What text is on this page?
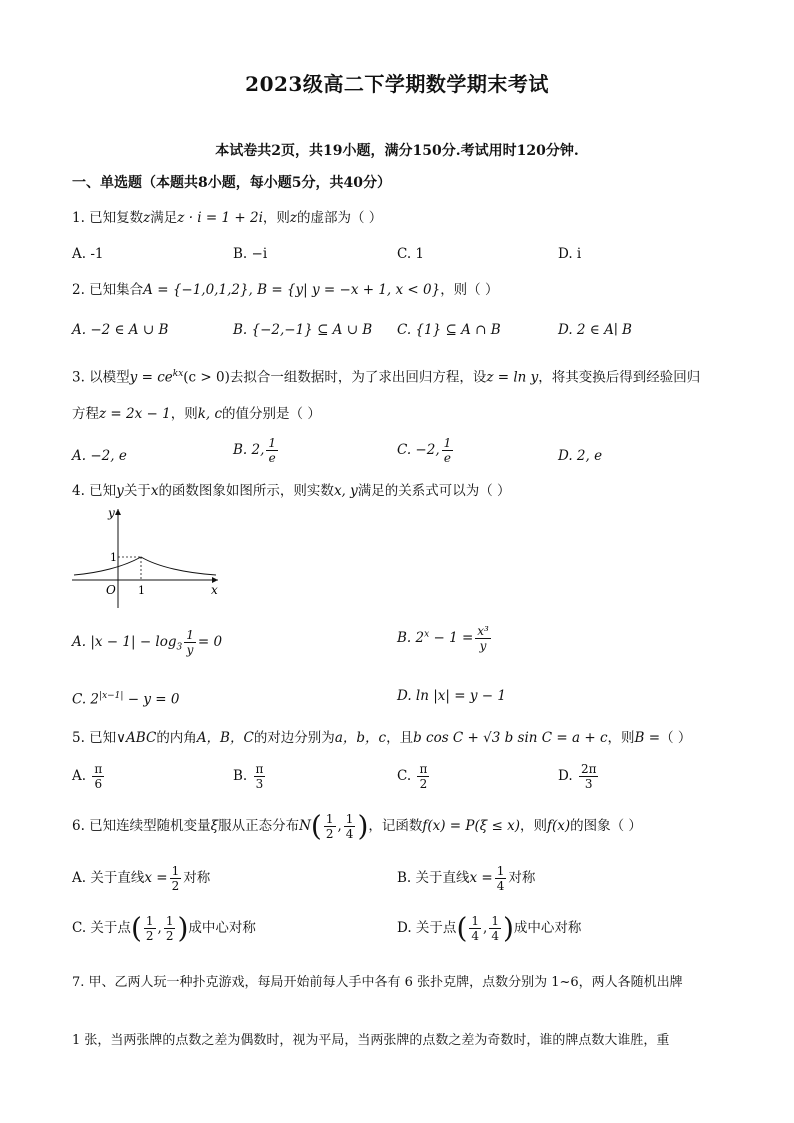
2023级高二下学期数学期末考试
本试卷共2页，共19小题，满分150分.考试用时120分钟.
一、单选题（本题共8小题，每小题5分，共40分）
1. 已知复数z满足z · i = 1 + 2i，则z的虚部为（ ）
A. -1	B. −i	C. 1	D. i
2. 已知集合A = {−1,0,1,2}, B = {y| y = −x + 1, x < 0}，则（ ）
A. −2 ∈ A ∪ B	B. {−2,−1} ⊆ A ∪ B C. {1} ⊆ A ∩ B	D. 2 ∈ A∣ B
3. 以模型$y = ce^{kx}(c > 0)$去拟合一组数据时，为了求出回归方程，设z = ln y，将其变换后得到经验回归
方程z = 2x − 1，则k, c的值分别是（ ）
A. −2, e	B. 2, $\frac{1}{e}$	C. −2, $\frac{1}{e}$	D. 2, e
4. 已知y关于x的函数图象如图所示，则实数x, y满足的关系式可以为（ ）
y
x
O 1
1
A. $|x - 1| - \log_3 \frac{1}{y} = 0$	B. $2^x - 1 = \frac{\text{x³}}{y}$
C. $2^{|x-1|} - y = 0$	D. ln |x| = y − 1
5. 已知∨ABC的内角A，B，C的对边分别为a，b，c，且b cos C + √3 b sin C = a + c，则B =（ ）
A. $\frac{\pi}{6}$	B. $\frac{\pi}{3}$	C. $\frac{\pi}{2}$	D. $\frac{2\pi}{3}$
6. 已知连续型随机变量ξ服从正态分布$N( \frac{1}{2}$ , $\frac{1}{4}$ )，记函数f(x) = P(ξ ≤ x)，则f(x)的图象（ ）
A. 关于直线$x = \frac{1}{2}$ 对称	B. 关于直线$x = \frac{1}{4}$ 对称
C. 关于点( $\frac{1}{2}$ , $\frac{1}{2}$ )成中心对称	D. 关于点( $\frac{1}{4}$ , $\frac{1}{4}$ )成中心对称
7. 甲、乙两人玩一种扑克游戏，每局开始前每人手中各有 6 张扑克牌，点数分别为 1~6，两人各随机出牌
1 张，当两张牌的点数之差为偶数时，视为平局，当两张牌的点数之差为奇数时，谁的牌点数大谁胜，重
